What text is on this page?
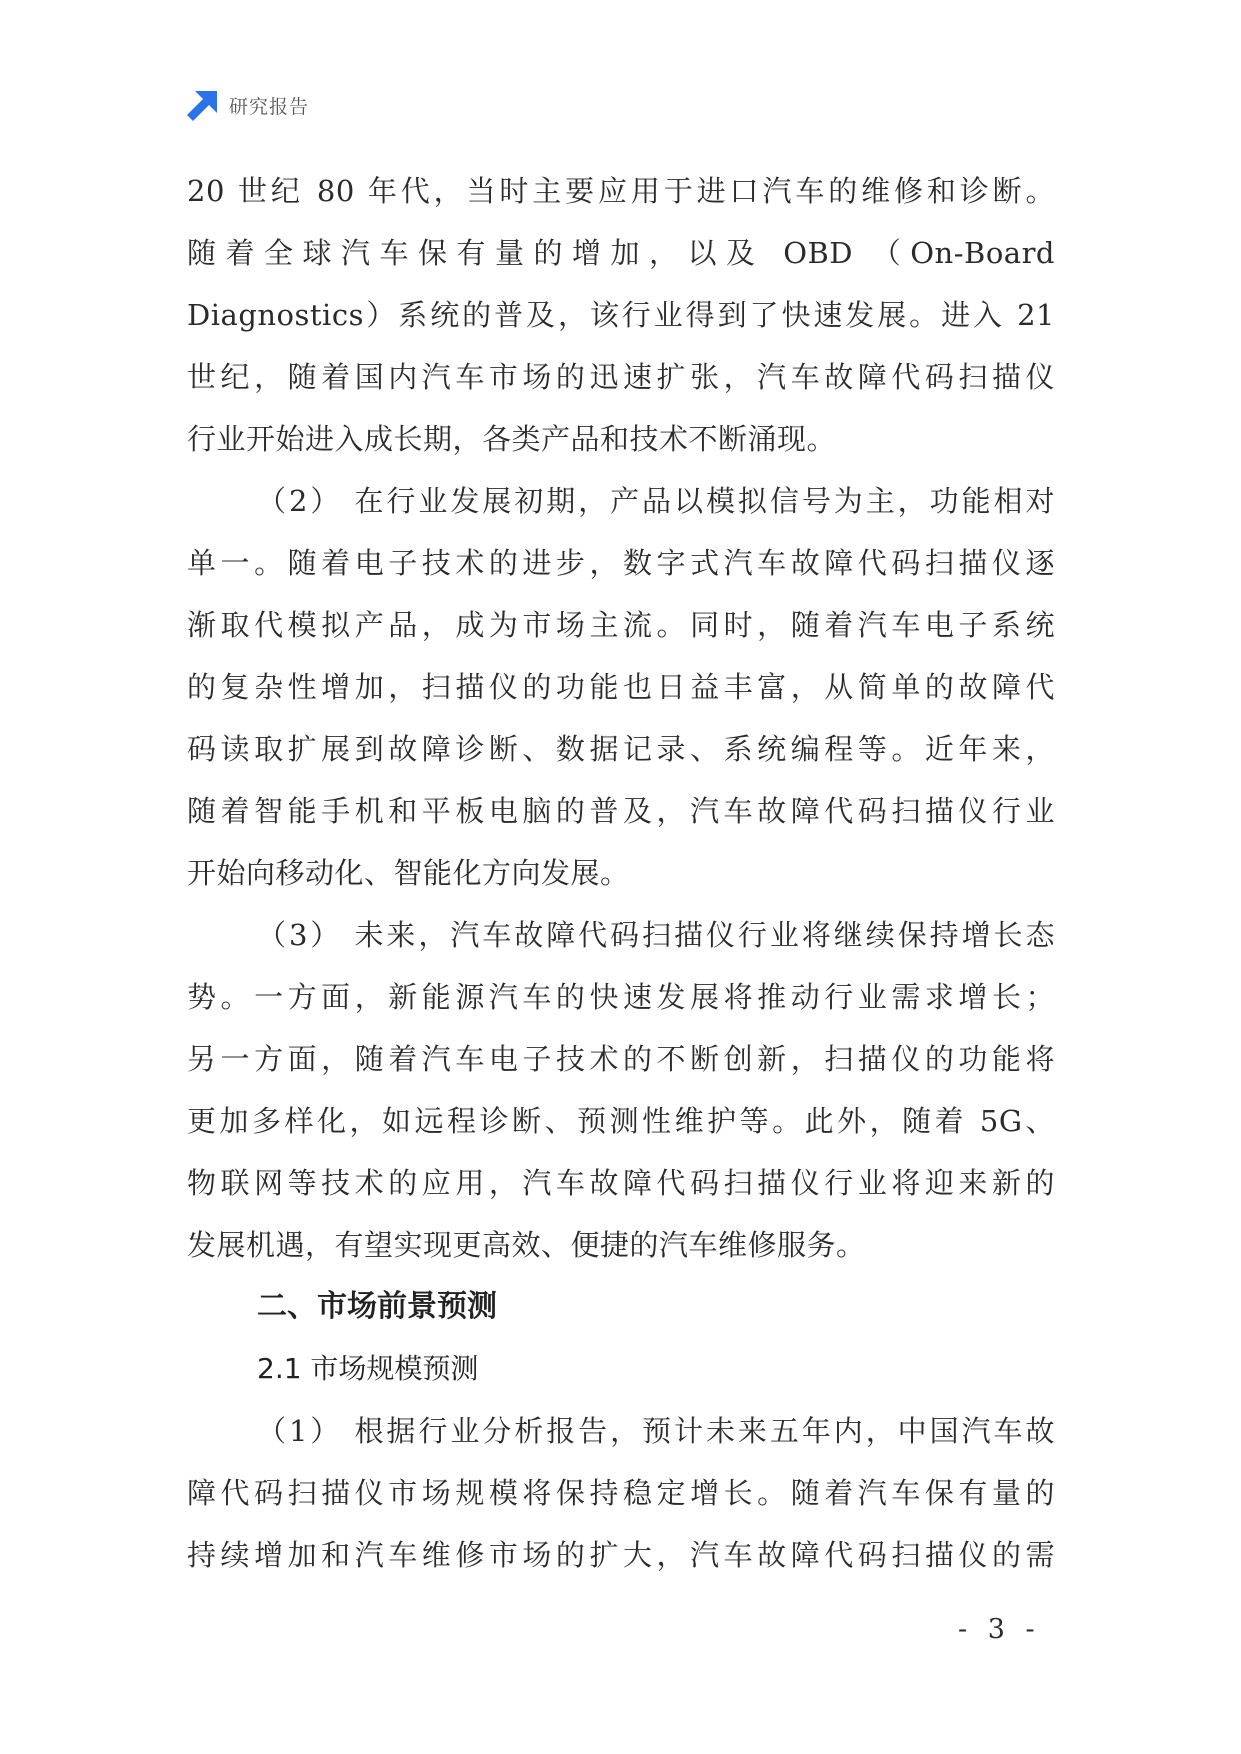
研究报告
20 世纪 80 年代，当时主要应用于进口汽车的维修和诊断。
随着全球汽车保有量的增加，以及 OBD （On-Board
Diagnostics）系统的普及，该行业得到了快速发展。进入 21
世纪，随着国内汽车市场的迅速扩张，汽车故障代码扫描仪
行业开始进入成长期，各类产品和技术不断涌现。
（2） 在行业发展初期，产品以模拟信号为主，功能相对
单一。随着电子技术的进步，数字式汽车故障代码扫描仪逐
渐取代模拟产品，成为市场主流。同时，随着汽车电子系统
的复杂性增加，扫描仪的功能也日益丰富，从简单的故障代
码读取扩展到故障诊断、数据记录、系统编程等。近年来，
随着智能手机和平板电脑的普及，汽车故障代码扫描仪行业
开始向移动化、智能化方向发展。
（3） 未来，汽车故障代码扫描仪行业将继续保持增长态
势。一方面，新能源汽车的快速发展将推动行业需求增长；
另一方面，随着汽车电子技术的不断创新，扫描仪的功能将
更加多样化，如远程诊断、预测性维护等。此外，随着 5G、
物联网等技术的应用，汽车故障代码扫描仪行业将迎来新的
发展机遇，有望实现更高效、便捷的汽车维修服务。
二、市场前景预测
2.1 市场规模预测
（1） 根据行业分析报告，预计未来五年内，中国汽车故
障代码扫描仪市场规模将保持稳定增长。随着汽车保有量的
持续增加和汽车维修市场的扩大，汽车故障代码扫描仪的需
- 3 -
